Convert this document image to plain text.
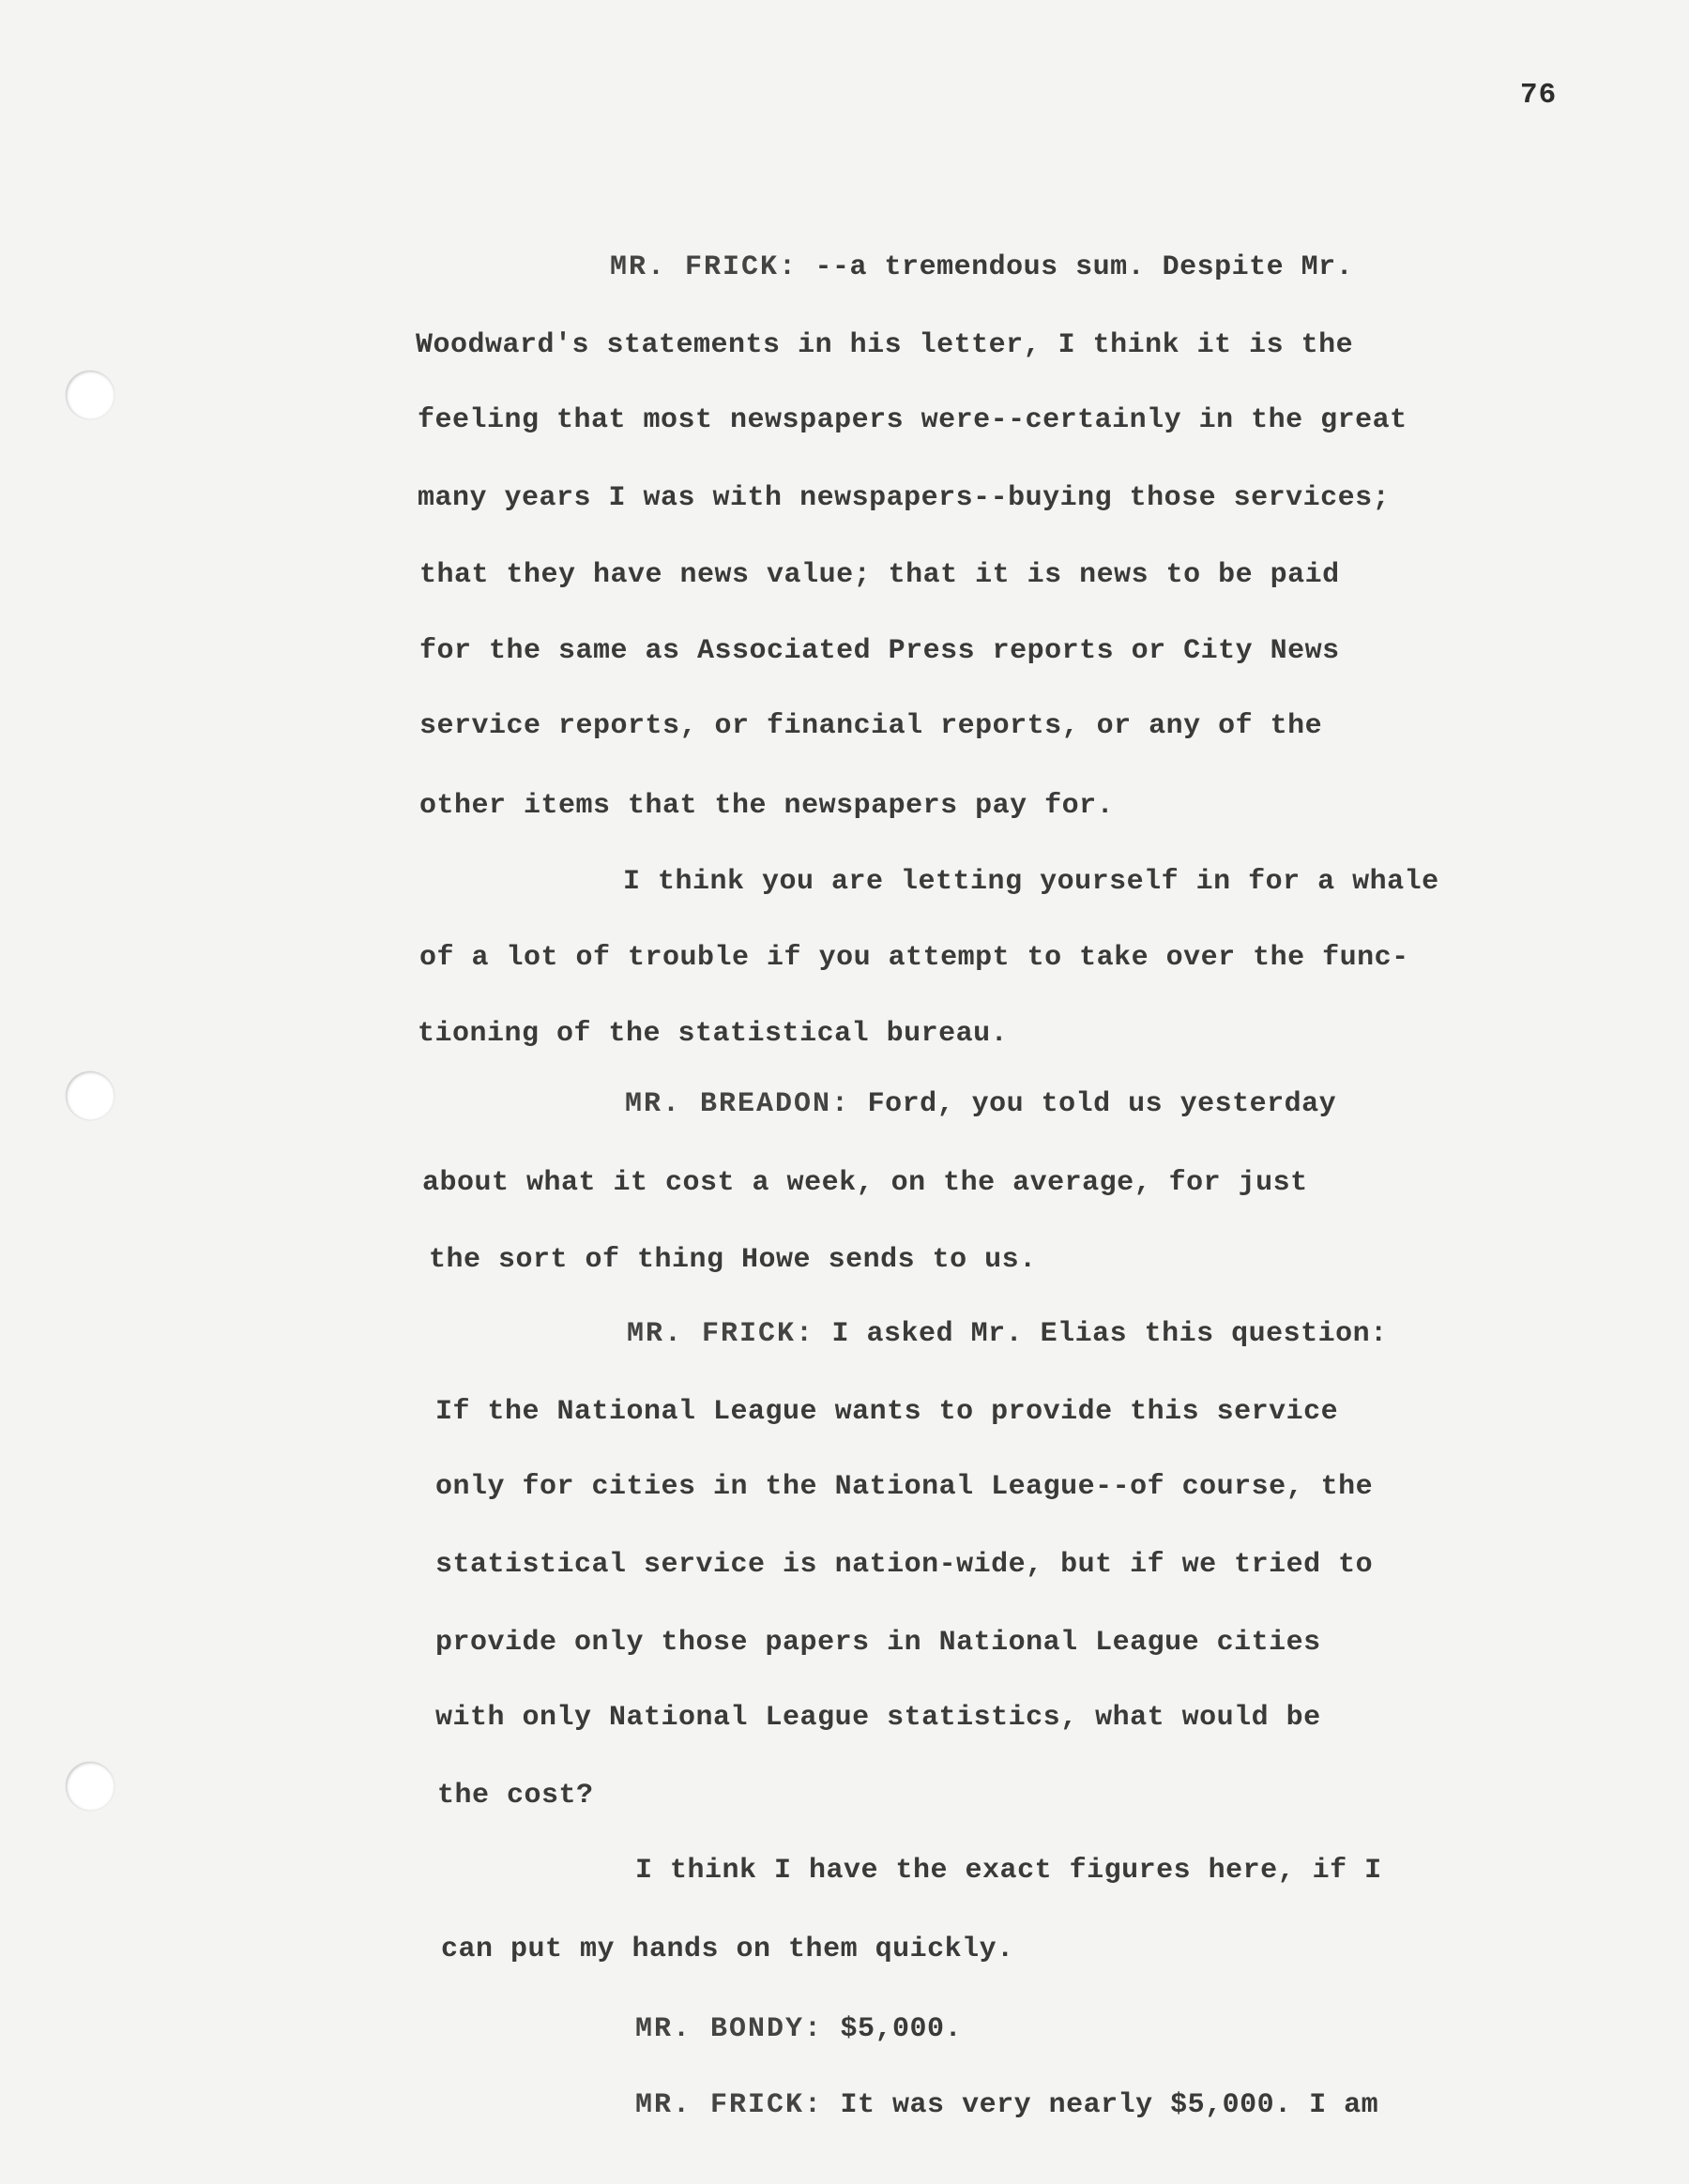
76
MR. FRICK: --a tremendous sum. Despite Mr.
Woodward's statements in his letter, I think it is the
feeling that most newspapers were--certainly in the great
many years I was with newspapers--buying those services;
that they have news value; that it is news to be paid
for the same as Associated Press reports or City News
service reports, or financial reports, or any of the
other items that the newspapers pay for.
I think you are letting yourself in for a whale
of a lot of trouble if you attempt to take over the func-
tioning of the statistical bureau.
MR. BREADON: Ford, you told us yesterday
about what it cost a week, on the average, for just
the sort of thing Howe sends to us.
MR. FRICK: I asked Mr. Elias this question:
If the National League wants to provide this service
only for cities in the National League--of course, the
statistical service is nation-wide, but if we tried to
provide only those papers in National League cities
with only National League statistics, what would be
the cost?
I think I have the exact figures here, if I
can put my hands on them quickly.
MR. BONDY: $5,000.
MR. FRICK: It was very nearly $5,000. I am
